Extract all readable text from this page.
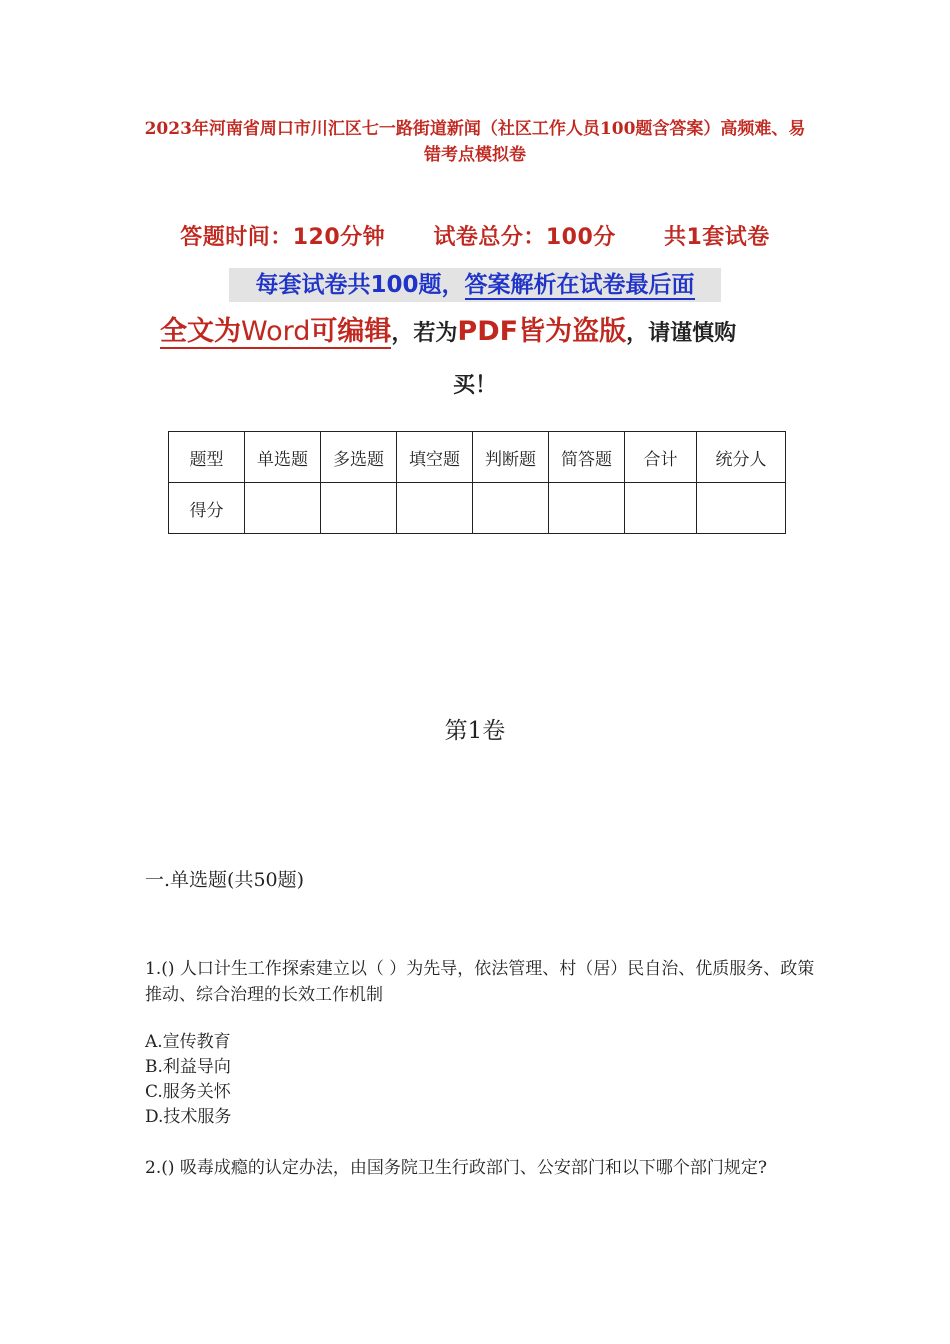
2023年河南省周口市川汇区七一路街道新闻（社区工作人员100题含答案）高频难、易错考点模拟卷
答题时间：120分钟 试卷总分：100分 共1套试卷
每套试卷共100题，答案解析在试卷最后面
全文为Word可编辑，若为PDF皆为盗版，请谨慎购
买！
题型	单选题	多选题	填空题	判断题	简答题	合计	统分人
得分							
第1卷
一.单选题(共50题)
1.() 人口计生工作探索建立以（ ）为先导，依法管理、村（居）民自治、优质服务、政策推动、综合治理的长效工作机制
A.宣传教育
B.利益导向
C.服务关怀
D.技术服务
2.() 吸毒成瘾的认定办法，由国务院卫生行政部门、公安部门和以下哪个部门规定?
